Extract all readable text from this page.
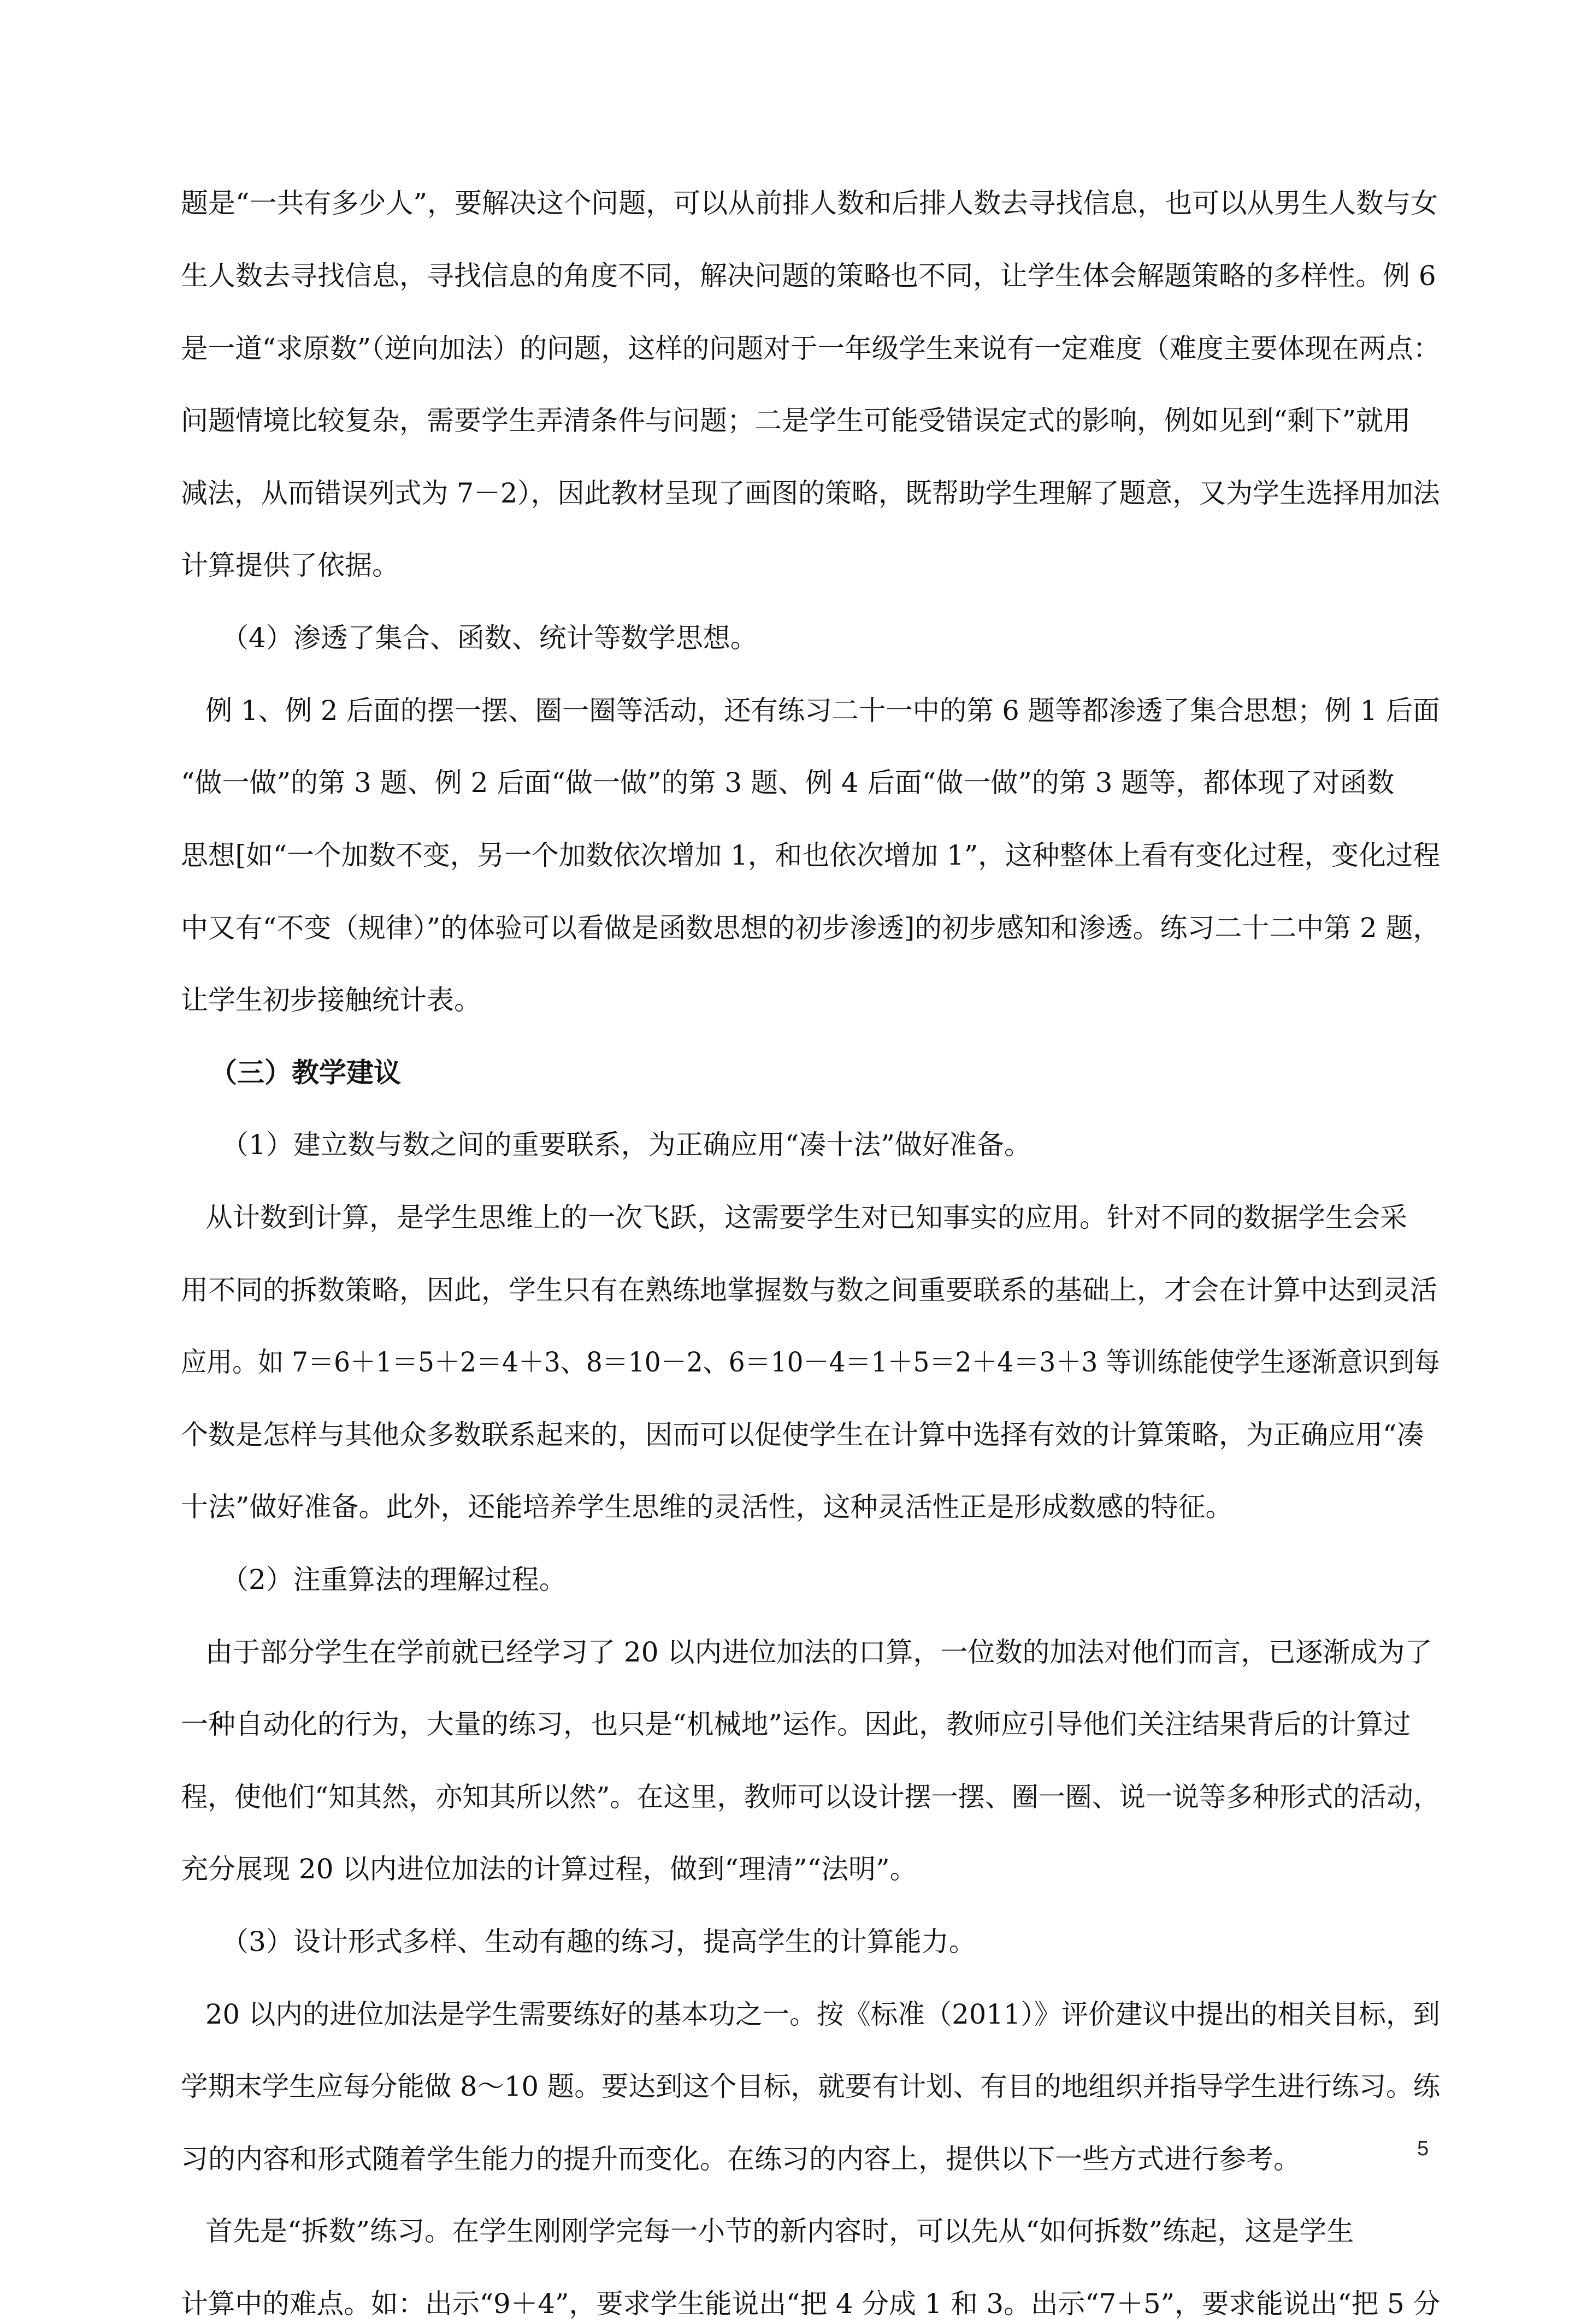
题是“一共有多少人”，要解决这个问题，可以从前排人数和后排人数去寻找信息，也可以从男生人数与女
生人数去寻找信息，寻找信息的角度不同，解决问题的策略也不同，让学生体会解题策略的多样性。例 6
是一道“求原数”（逆向加法）的问题，这样的问题对于一年级学生来说有一定难度（难度主要体现在两点：
问题情境比较复杂，需要学生弄清条件与问题；二是学生可能受错误定式的影响，例如见到“剩下”就用
减法，从而错误列式为 7－2），因此教材呈现了画图的策略，既帮助学生理解了题意，又为学生选择用加法
计算提供了依据。
（4）渗透了集合、函数、统计等数学思想。
例 1、例 2 后面的摆一摆、圈一圈等活动，还有练习二十一中的第 6 题等都渗透了集合思想；例 1 后面
“做一做”的第 3 题、例 2 后面“做一做”的第 3 题、例 4 后面“做一做”的第 3 题等，都体现了对函数
思想[如“一个加数不变，另一个加数依次增加 1，和也依次增加 1”，这种整体上看有变化过程，变化过程
中又有“不变（规律）”的体验可以看做是函数思想的初步渗透]的初步感知和渗透。练习二十二中第 2 题，
让学生初步接触统计表。
（三）教学建议
（1）建立数与数之间的重要联系，为正确应用“凑十法”做好准备。
从计数到计算，是学生思维上的一次飞跃，这需要学生对已知事实的应用。针对不同的数据学生会采
用不同的拆数策略，因此，学生只有在熟练地掌握数与数之间重要联系的基础上，才会在计算中达到灵活
应用。如 7＝6＋1＝5＋2＝4＋3、8＝10－2、6＝10－4＝1＋5＝2＋4＝3＋3 等训练能使学生逐渐意识到每
个数是怎样与其他众多数联系起来的，因而可以促使学生在计算中选择有效的计算策略，为正确应用“凑
十法”做好准备。此外，还能培养学生思维的灵活性，这种灵活性正是形成数感的特征。
（2）注重算法的理解过程。
由于部分学生在学前就已经学习了 20 以内进位加法的口算，一位数的加法对他们而言，已逐渐成为了
一种自动化的行为，大量的练习，也只是“机械地”运作。因此，教师应引导他们关注结果背后的计算过
程，使他们“知其然，亦知其所以然”。在这里，教师可以设计摆一摆、圈一圈、说一说等多种形式的活动，
充分展现 20 以内进位加法的计算过程，做到“理清”“法明”。
（3）设计形式多样、生动有趣的练习，提高学生的计算能力。
20 以内的进位加法是学生需要练好的基本功之一。按《标准（2011）》评价建议中提出的相关目标，到
学期末学生应每分能做 8～10 题。要达到这个目标，就要有计划、有目的地组织并指导学生进行练习。练
习的内容和形式随着学生能力的提升而变化。在练习的内容上，提供以下一些方式进行参考。
首先是“拆数”练习。在学生刚刚学完每一小节的新内容时，可以先从“如何拆数”练起，这是学生
计算中的难点。如：出示“9＋4”，要求学生能说出“把 4 分成 1 和 3。出示“7＋5”，要求能说出“把 5 分
5
